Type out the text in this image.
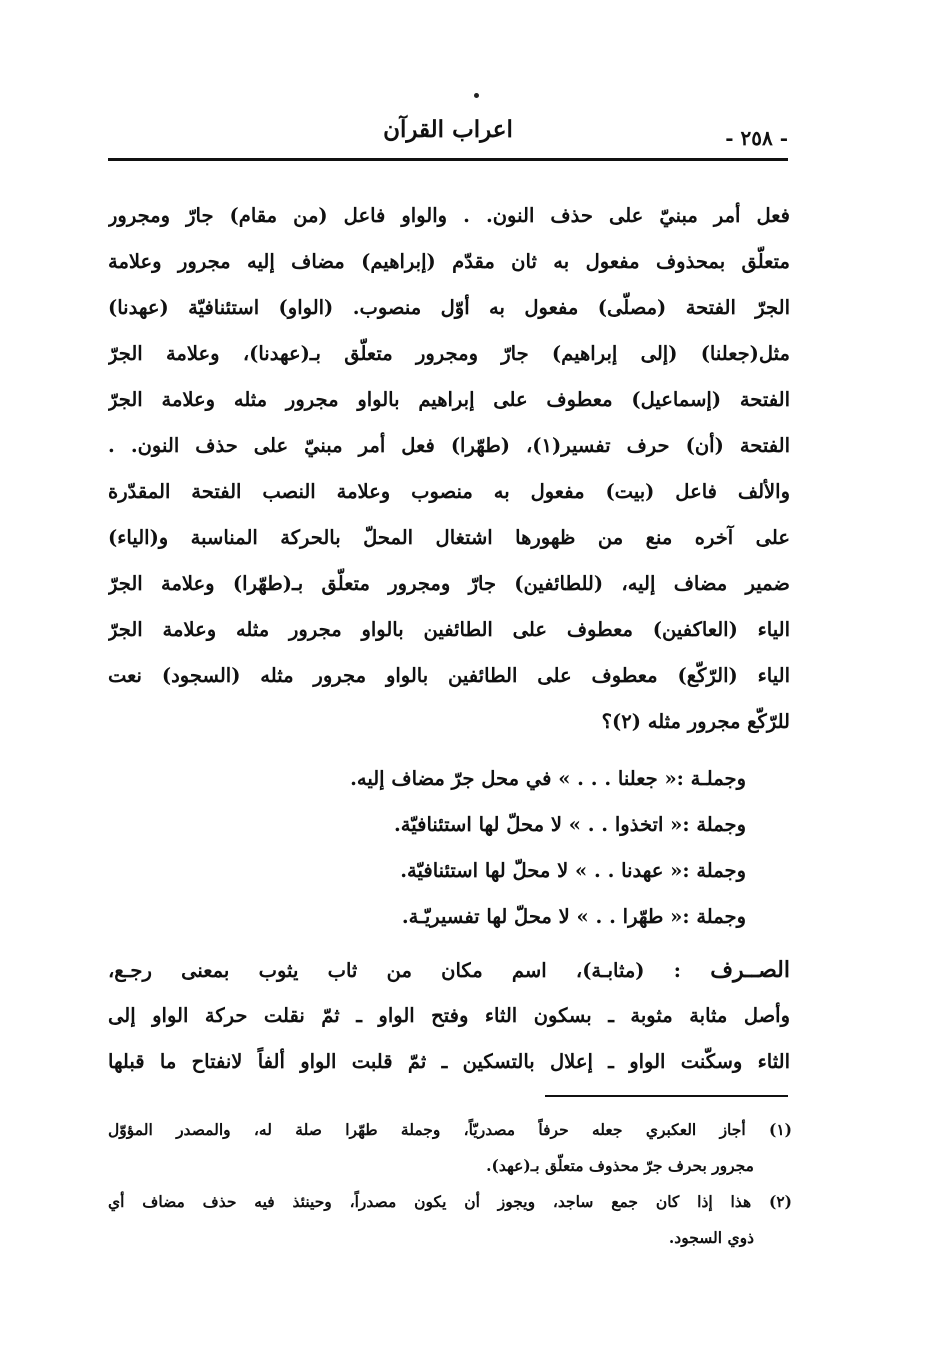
اعراب القرآن	- ٢٥٨ -
فعل أمر مبنيّ على حذف النون. . والواو فاعل (من مقام) جارّ ومجرور
متعلّق بمحذوف مفعول به ثان مقدّم (إبراهيم) مضاف إليه مجرور وعلامة
الجرّ الفتحة (مصلّى) مفعول به أوّل منصوب. (الواو) استئنافيّة (عهدنا)
مثل(جعلنا) (إلى إبراهيم) جارّ ومجرور متعلّق بـ(عهدنا)، وعلامة الجرّ
الفتحة (إسماعيل) معطوف على إبراهيم بالواو مجرور مثله وعلامة الجرّ
الفتحة (أن) حرف تفسير(١)، (طهّرا) فعل أمر مبنيّ على حذف النون. .
والألف فاعل (بيت) مفعول به منصوب وعلامة النصب الفتحة المقدّرة
على آخره منع من ظهورها اشتغال المحلّ بالحركة المناسبة و(الياء)
ضمير مضاف إليه، (للطائفين) جارّ ومجرور متعلّق بـ(طهّرا) وعلامة الجرّ
الياء (العاكفين) معطوف على الطائفين بالواو مجرور مثله وعلامة الجرّ
الياء (الرّكّع) معطوف على الطائفين بالواو مجرور مثله (السجود) نعت
للرّكّع مجرور مثله (٢)؟
وجملـة :« جعلنا . . . » في محل جرّ مضاف إليه.
وجملة :« اتخذوا . . » لا محلّ لها استئنافيّة.
وجملة :« عهدنا . . » لا محلّ لها استئنافيّة.
وجملة :« طهّرا . . » لا محلّ لها تفسيريّـة.
الصــرف : (مثابـة)، اسم مكان من ثاب يثوب بمعنى رجـع،
وأصل مثابة مثوبة ـ بسكون الثاء وفتح الواو ـ ثمّ نقلت حركة الواو إلى
الثاء وسكّنت الواو ـ إعلال بالتسكين ـ ثمّ قلبت الواو ألفاً لانفتاح ما قبلها
(١) أجاز العكبري جعله حرفاً مصدريّاً، وجملة طهّرا صلة له، والمصدر المؤوّل
مجرور بحرف جرّ محذوف متعلّق بـ(عهد).
(٢) هذا إذا كان جمع ساجد، ويجوز أن يكون مصدراً، وحينئذ فيه حذف مضاف أي
ذوي السجود.
